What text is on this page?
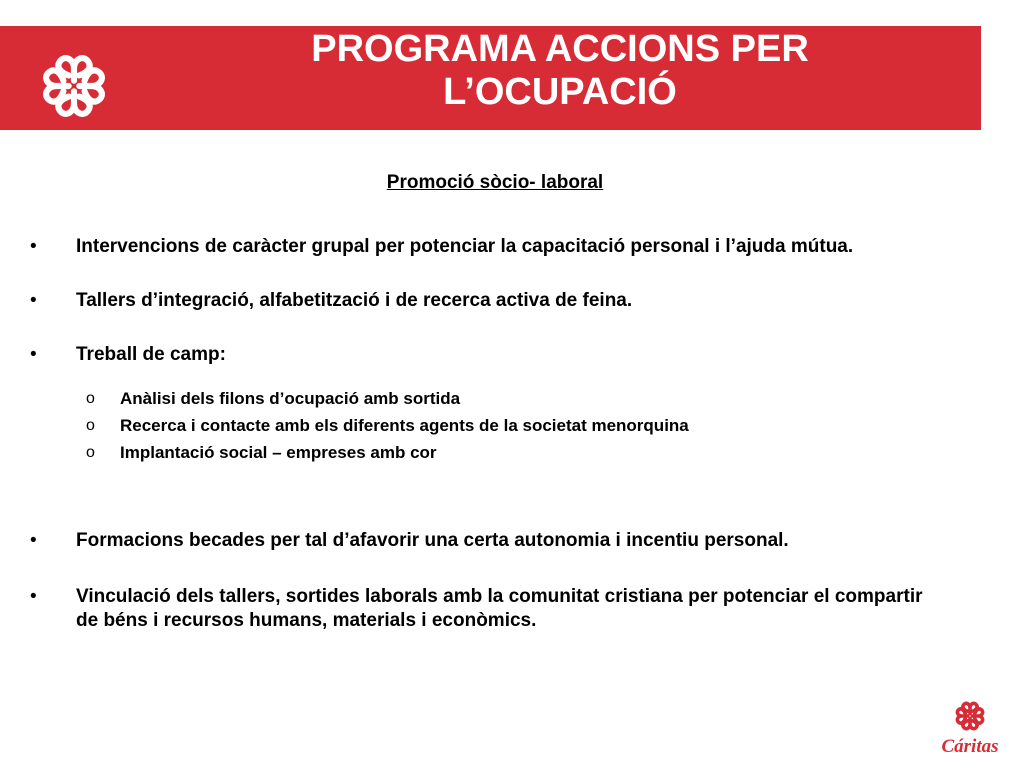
PROGRAMA ACCIONS PER
L’OCUPACIÓ
Promoció sòcio- laboral
•	Intervencions de caràcter grupal per potenciar la capacitació personal i l’ajuda mútua.
•	Tallers d’integració, alfabetització i de recerca activa de feina.
•	Treball de camp:
o Anàlisi dels filons d’ocupació amb sortida
o Recerca i contacte amb els diferents agents de la societat menorquina
o Implantació social – empreses amb cor
•	Formacions becades per tal d’afavorir una certa autonomia i incentiu personal.
•	Vinculació dels tallers, sortides laborals amb la comunitat cristiana per potenciar el compartir de béns i recursos humans, materials i econòmics.
Cáritas
